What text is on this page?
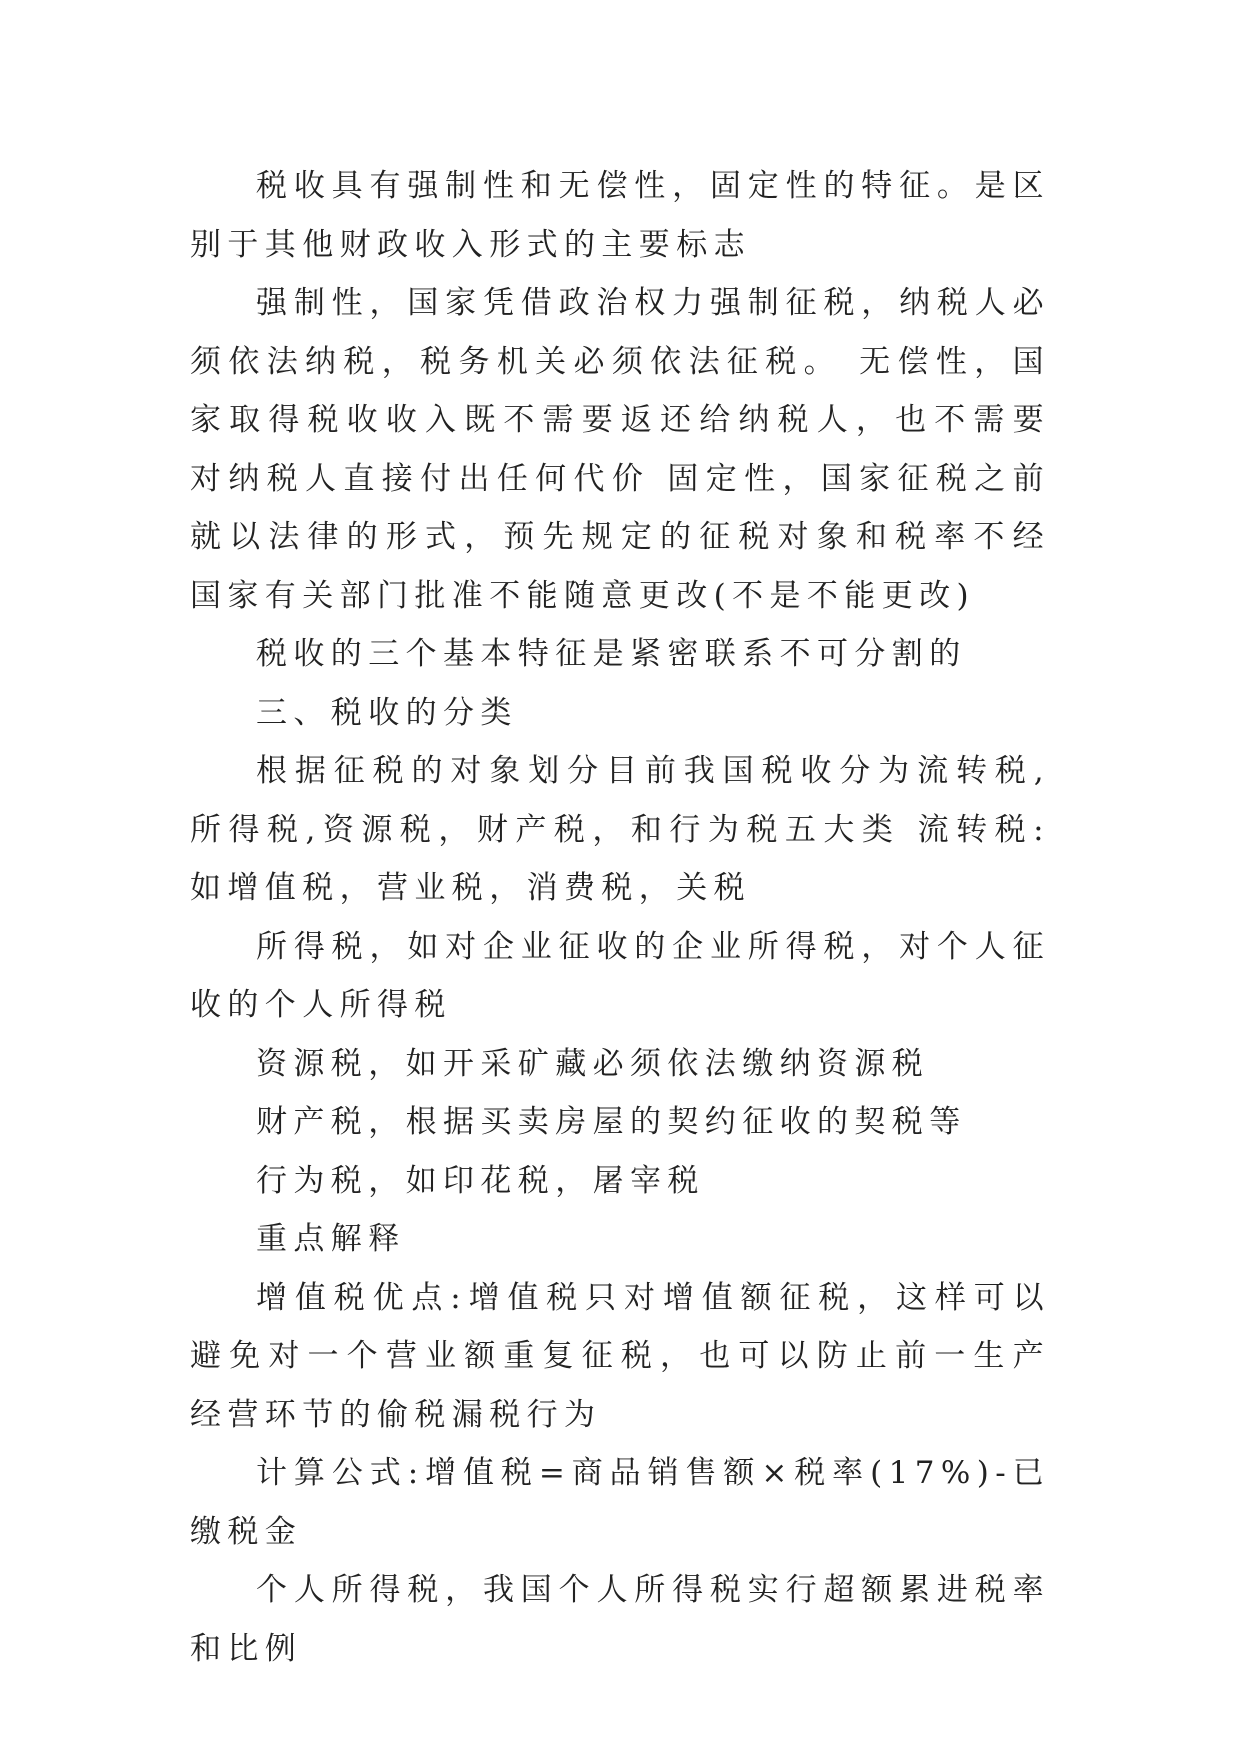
税收具有强制性和无偿性，固定性的特征。是区别于其他财政收入形式的主要标志

强制性，国家凭借政治权力强制征税，纳税人必须依法纳税，税务机关必须依法征税。 无偿性，国家取得税收收入既不需要返还给纳税人，也不需要对纳税人直接付出任何代价 固定性，国家征税之前就以法律的形式，预先规定的征税对象和税率不经国家有关部门批准不能随意更改(不是不能更改)

税收的三个基本特征是紧密联系不可分割的

三、税收的分类

根据征税的对象划分目前我国税收分为流转税,所得税,资源税，财产税，和行为税五大类 流转税:如增值税，营业税，消费税，关税

所得税，如对企业征收的企业所得税，对个人征收的个人所得税

资源税，如开采矿藏必须依法缴纳资源税

财产税，根据买卖房屋的契约征收的契税等

行为税，如印花税，屠宰税

重点解释

增值税优点:增值税只对增值额征税，这样可以避免对一个营业额重复征税，也可以防止前一生产经营环节的偷税漏税行为

计算公式:增值税=商品销售额×税率(17%)-已缴税金

个人所得税，我国个人所得税实行超额累进税率和比例
